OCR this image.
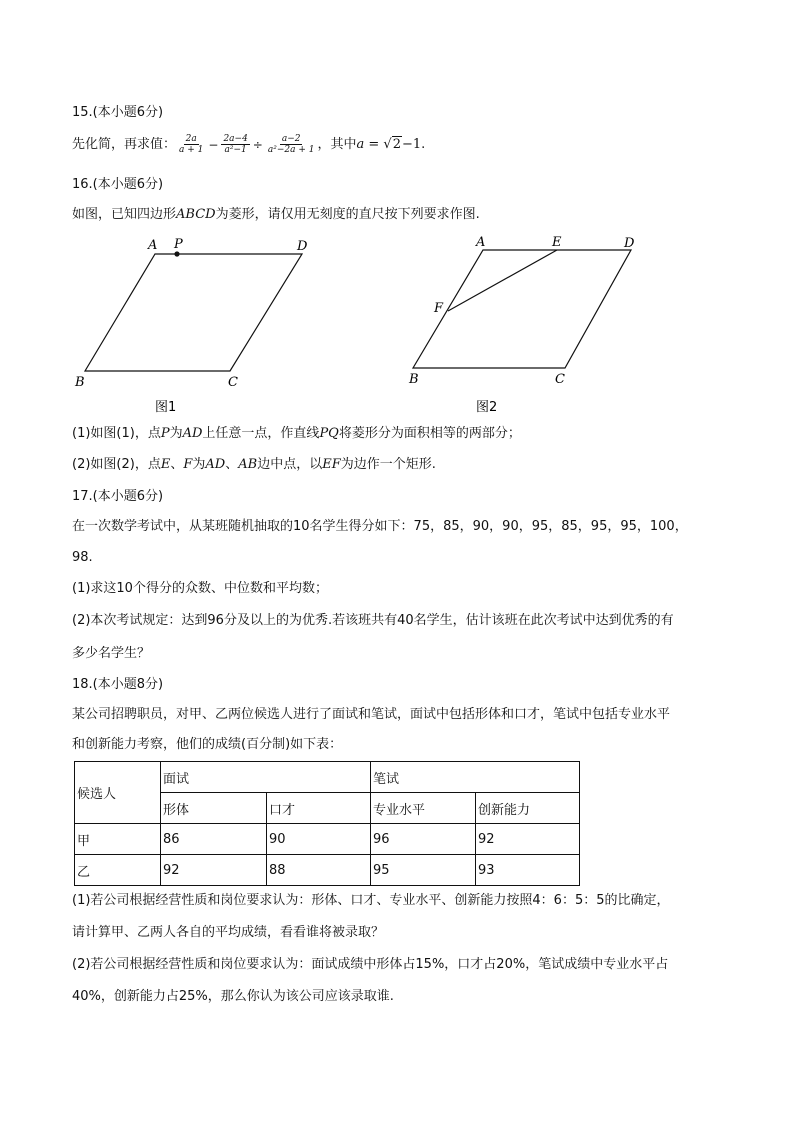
15.(本小题6分)
先化简，再求值： $\frac{2a}{a + 1} - \frac{2a-4}{\text{a²−1}} \div \frac{a-2}{\text{a²−2a + 1}}$ ，其中a = √2−1.
16.(本小题6分)
如图，已知四边形ABCD为菱形，请仅用无刻度的直尺按下列要求作图.
A P	D
B	C
图1
A	E	D
F
B	C
图2
(1)如图(1)，点P为AD上任意一点，作直线PQ将菱形分为面积相等的两部分；
(2)如图(2)，点E、F为AD、AB边中点，以EF为边作一个矩形.
17.(本小题6分)
在一次数学考试中，从某班随机抽取的10名学生得分如下：75，85，90，90，95，85，95，95，100，
98.
(1)求这10个得分的众数、中位数和平均数；
(2)本次考试规定：达到96分及以上的为优秀.若该班共有40名学生，估计该班在此次考试中达到优秀的有
多少名学生？
18.(本小题8分)
某公司招聘职员，对甲、乙两位候选人进行了面试和笔试，面试中包括形体和口才，笔试中包括专业水平
和创新能力考察，他们的成绩(百分制)如下表：
候选人	面试		笔试	
	形体	口才	专业水平	创新能力
甲	86	90	96	92
乙	92	88	95	93
(1)若公司根据经营性质和岗位要求认为：形体、口才、专业水平、创新能力按照4：6：5：5的比确定，
请计算甲、乙两人各自的平均成绩，看看谁将被录取？
(2)若公司根据经营性质和岗位要求认为：面试成绩中形体占15%，口才占20%，笔试成绩中专业水平占
40%，创新能力占25%，那么你认为该公司应该录取谁.
